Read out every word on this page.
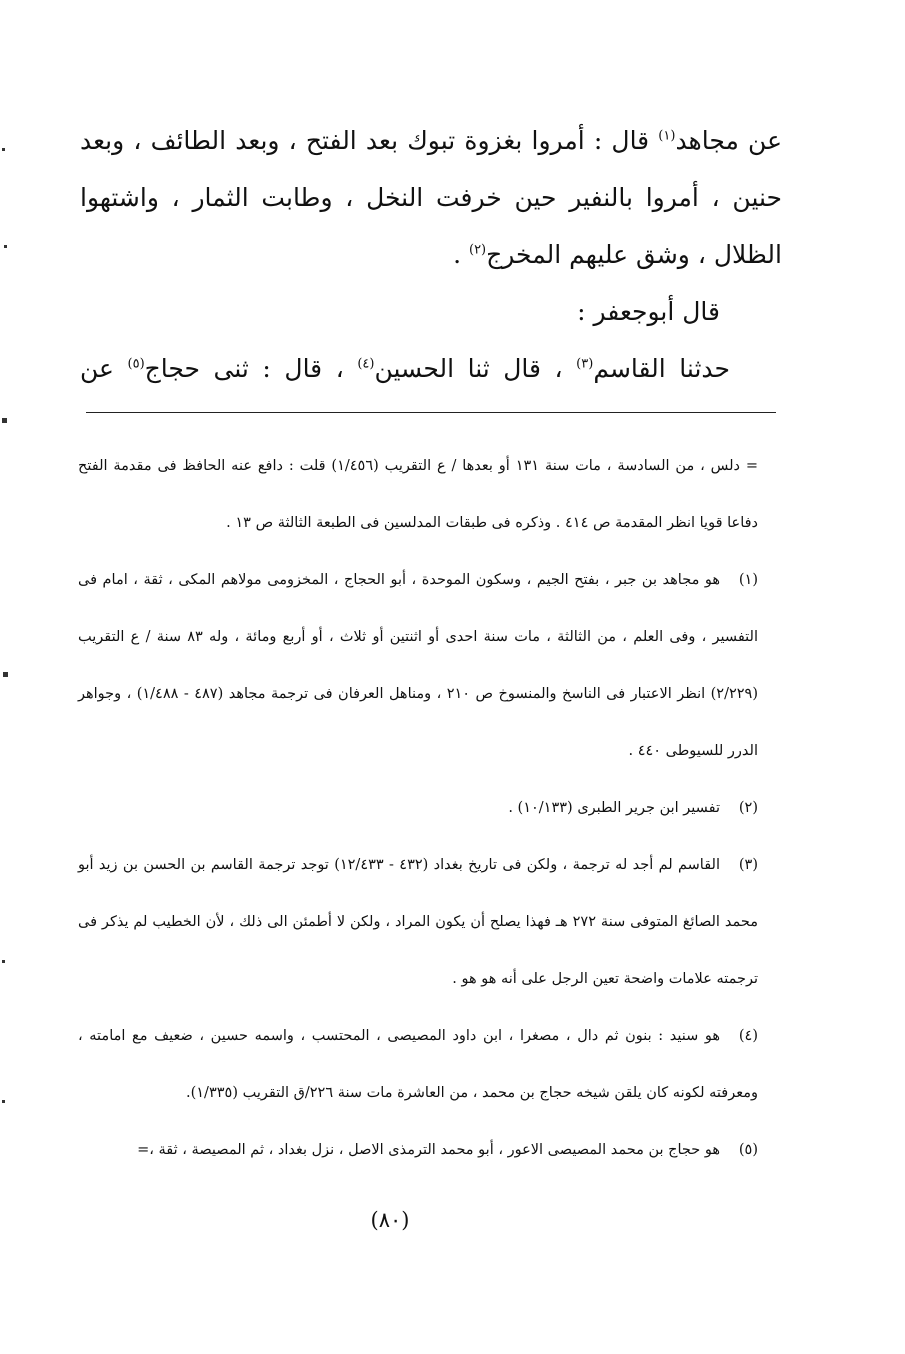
عن مجاهد$^{(١)}$ قال : أمروا بغزوة تبوك بعد الفتح ، وبعد الطائف ، وبعد حنين ، أمروا بالنفير حين خرفت النخل ، وطابت الثمار ، واشتهوا الظلال ، وشق عليهم المخرج$^{(٢)}$ .

قال أبوجعفر :

حدثنا القاسم$^{(٣)}$ ، قال ثنا الحسين$^{(٤)}$ ، قال : ثنى حجاج$^{(٥)}$ عن

= دلس ، من السادسة ، مات سنة ١٣١ أو بعدها / ع التقريب (١/٤٥٦) قلت : دافع عنه الحافظ فى مقدمة الفتح دفاعا قويا انظر المقدمة ص ٤١٤ . وذكره فى طبقات المدلسين فى الطبعة الثالثة ص ١٣ .

(١)هو مجاهد بن جبر ، بفتح الجيم ، وسكون الموحدة ، أبو الحجاج ، المخزومى مولاهم المكى ، ثقة ، امام فى التفسير ، وفى العلم ، من الثالثة ، مات سنة احدى أو اثنتين أو ثلاث ، أو أربع ومائة ، وله ٨٣ سنة / ع التقريب (٢/٢٢٩) انظر الاعتبار فى الناسخ والمنسوخ ص ٢١٠ ، ومناهل العرفان فى ترجمة مجاهد (٤٨٧ - ١/٤٨٨) ، وجواهر الدرر للسيوطى ٤٤٠ .

(٢)تفسير ابن جرير الطبرى (١٠/١٣٣) .

(٣)القاسم لم أجد له ترجمة ، ولكن فى تاريخ بغداد (٤٣٢ - ١٢/٤٣٣) توجد ترجمة القاسم بن الحسن بن زيد أبو محمد الصائغ المتوفى سنة ٢٧٢ هـ فهذا يصلح أن يكون المراد ، ولكن لا أطمئن الى ذلك ، لأن الخطيب لم يذكر فى ترجمته علامات واضحة تعين الرجل على أنه هو هو .

(٤)هو سنيد : بنون ثم دال ، مصغرا ، ابن داود المصيصى ، المحتسب ، واسمه حسين ، ضعيف مع امامته ، ومعرفته لكونه كان يلقن شيخه حجاج بن محمد ، من العاشرة مات سنة ٢٢٦/ق التقريب (١/٣٣٥).

(٥)هو حجاج بن محمد المصيصى الاعور ، أبو محمد الترمذى الاصل ، نزل بغداد ، ثم المصيصة ، ثقة ،=

(٨٠)
